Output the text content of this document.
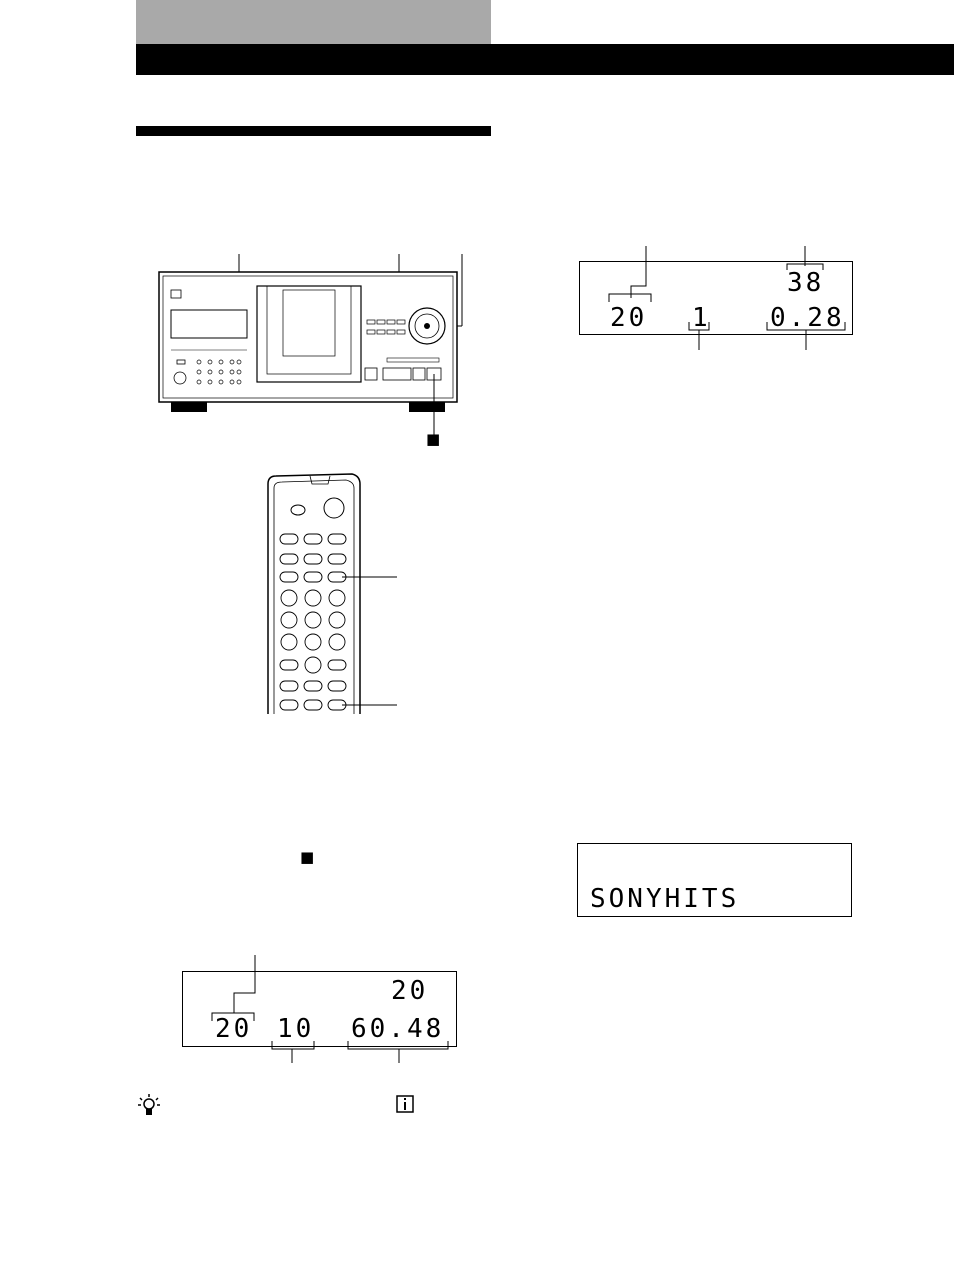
■
■
38
20 1 0.28
SONYHITS
20
20 10 60.48
